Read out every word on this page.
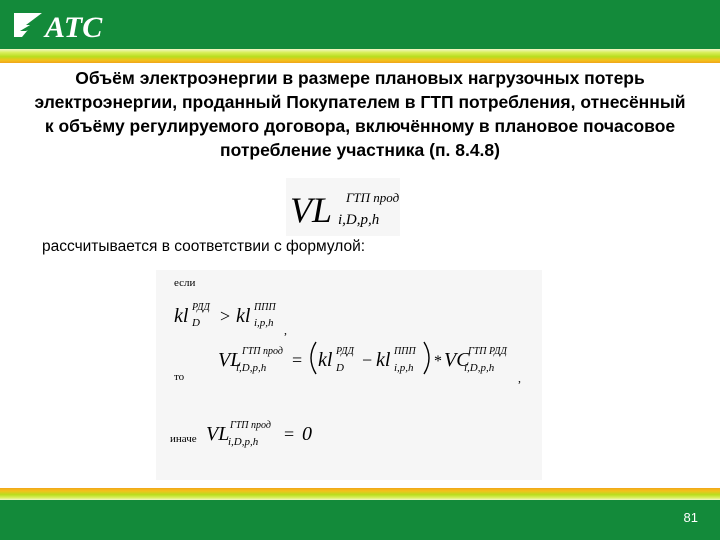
АТС
Объём электроэнергии в размере плановых нагрузочных потерь электроэнергии, проданный Покупателем в ГТП потребления, отнесённый к объёму регулируемого договора, включённому в плановое почасовое потребление участника (п. 8.4.8)
VL ГТП прод
i,D,p,h
рассчитывается в соответствии с формулой:
если
kl РДД
D > kl ППП
i,p,h ,
то
VL ГТП прод
i,D,p,h = kl РДД
D − kl ППП
i,p,h * VC
ГТП РДД
i,D,p,h
,
иначе VL ГТП прод
i,D,p,h = 0
81
